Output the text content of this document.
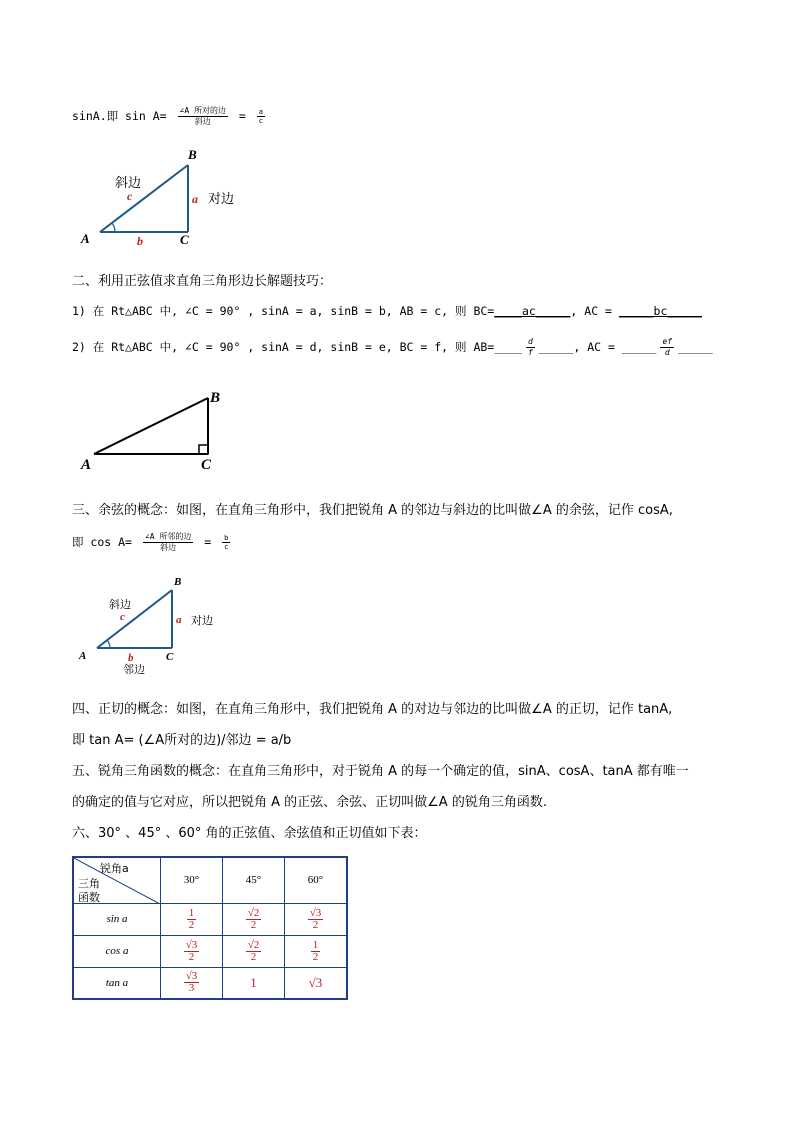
sinA.即 $\sin A= \frac{\text{∠A 所对的边}}{\text{斜边}} = \frac{a}{c}$
B
A	C
斜边
c	a
b
对边
二、利用正弦值求直角三角形边长解题技巧：
1) 在 Rt△ABC 中, ∠C = 90° , sinA = a, sinB = b, AB = c, 则 BC=____ac_____, AC = _____bc_____
2) 在 Rt△ABC 中, ∠C = 90° , sinA = d, sinB = e, BC = f, 则 AB=____ $\frac{d}{f}$ _____, AC = _____ $\frac{ef}{d}$ _____
B
A	C
三、余弦的概念：如图，在直角三角形中，我们把锐角 A 的邻边与斜边的比叫做∠A 的余弦，记作 cosA,
即 $\cos A= \frac{\text{∠A 所邻的边}}{\text{斜边}} = \frac{b}{c}$
B
A	C
斜边
c	a 对边
b
邻边
四、正切的概念：如图，在直角三角形中，我们把锐角 A 的对边与邻边的比叫做∠A 的正切，记作 tanA,
即 tan A= (∠A所对的边)/邻边 = a/b
五、锐角三角函数的概念：在直角三角形中，对于锐角 A 的每一个确定的值，sinA、cosA、tanA 都有唯一
的确定的值与它对应，所以把锐角 A 的正弦、余弦、正切叫做∠A 的锐角三角函数.
六、30° 、45° 、60° 角的正弦值、余弦值和正切值如下表：
锐角a
三角
函数	30°	45°	60°
sin a	$\frac{1}{2}$	$\frac{√2}{2}$	$\frac{√3}{2}$

cos a	$\frac{√3}{2}$	$\frac{√2}{2}$	$\frac{1}{2}$

tan a	$\frac{√3}{3}$	1	√3
